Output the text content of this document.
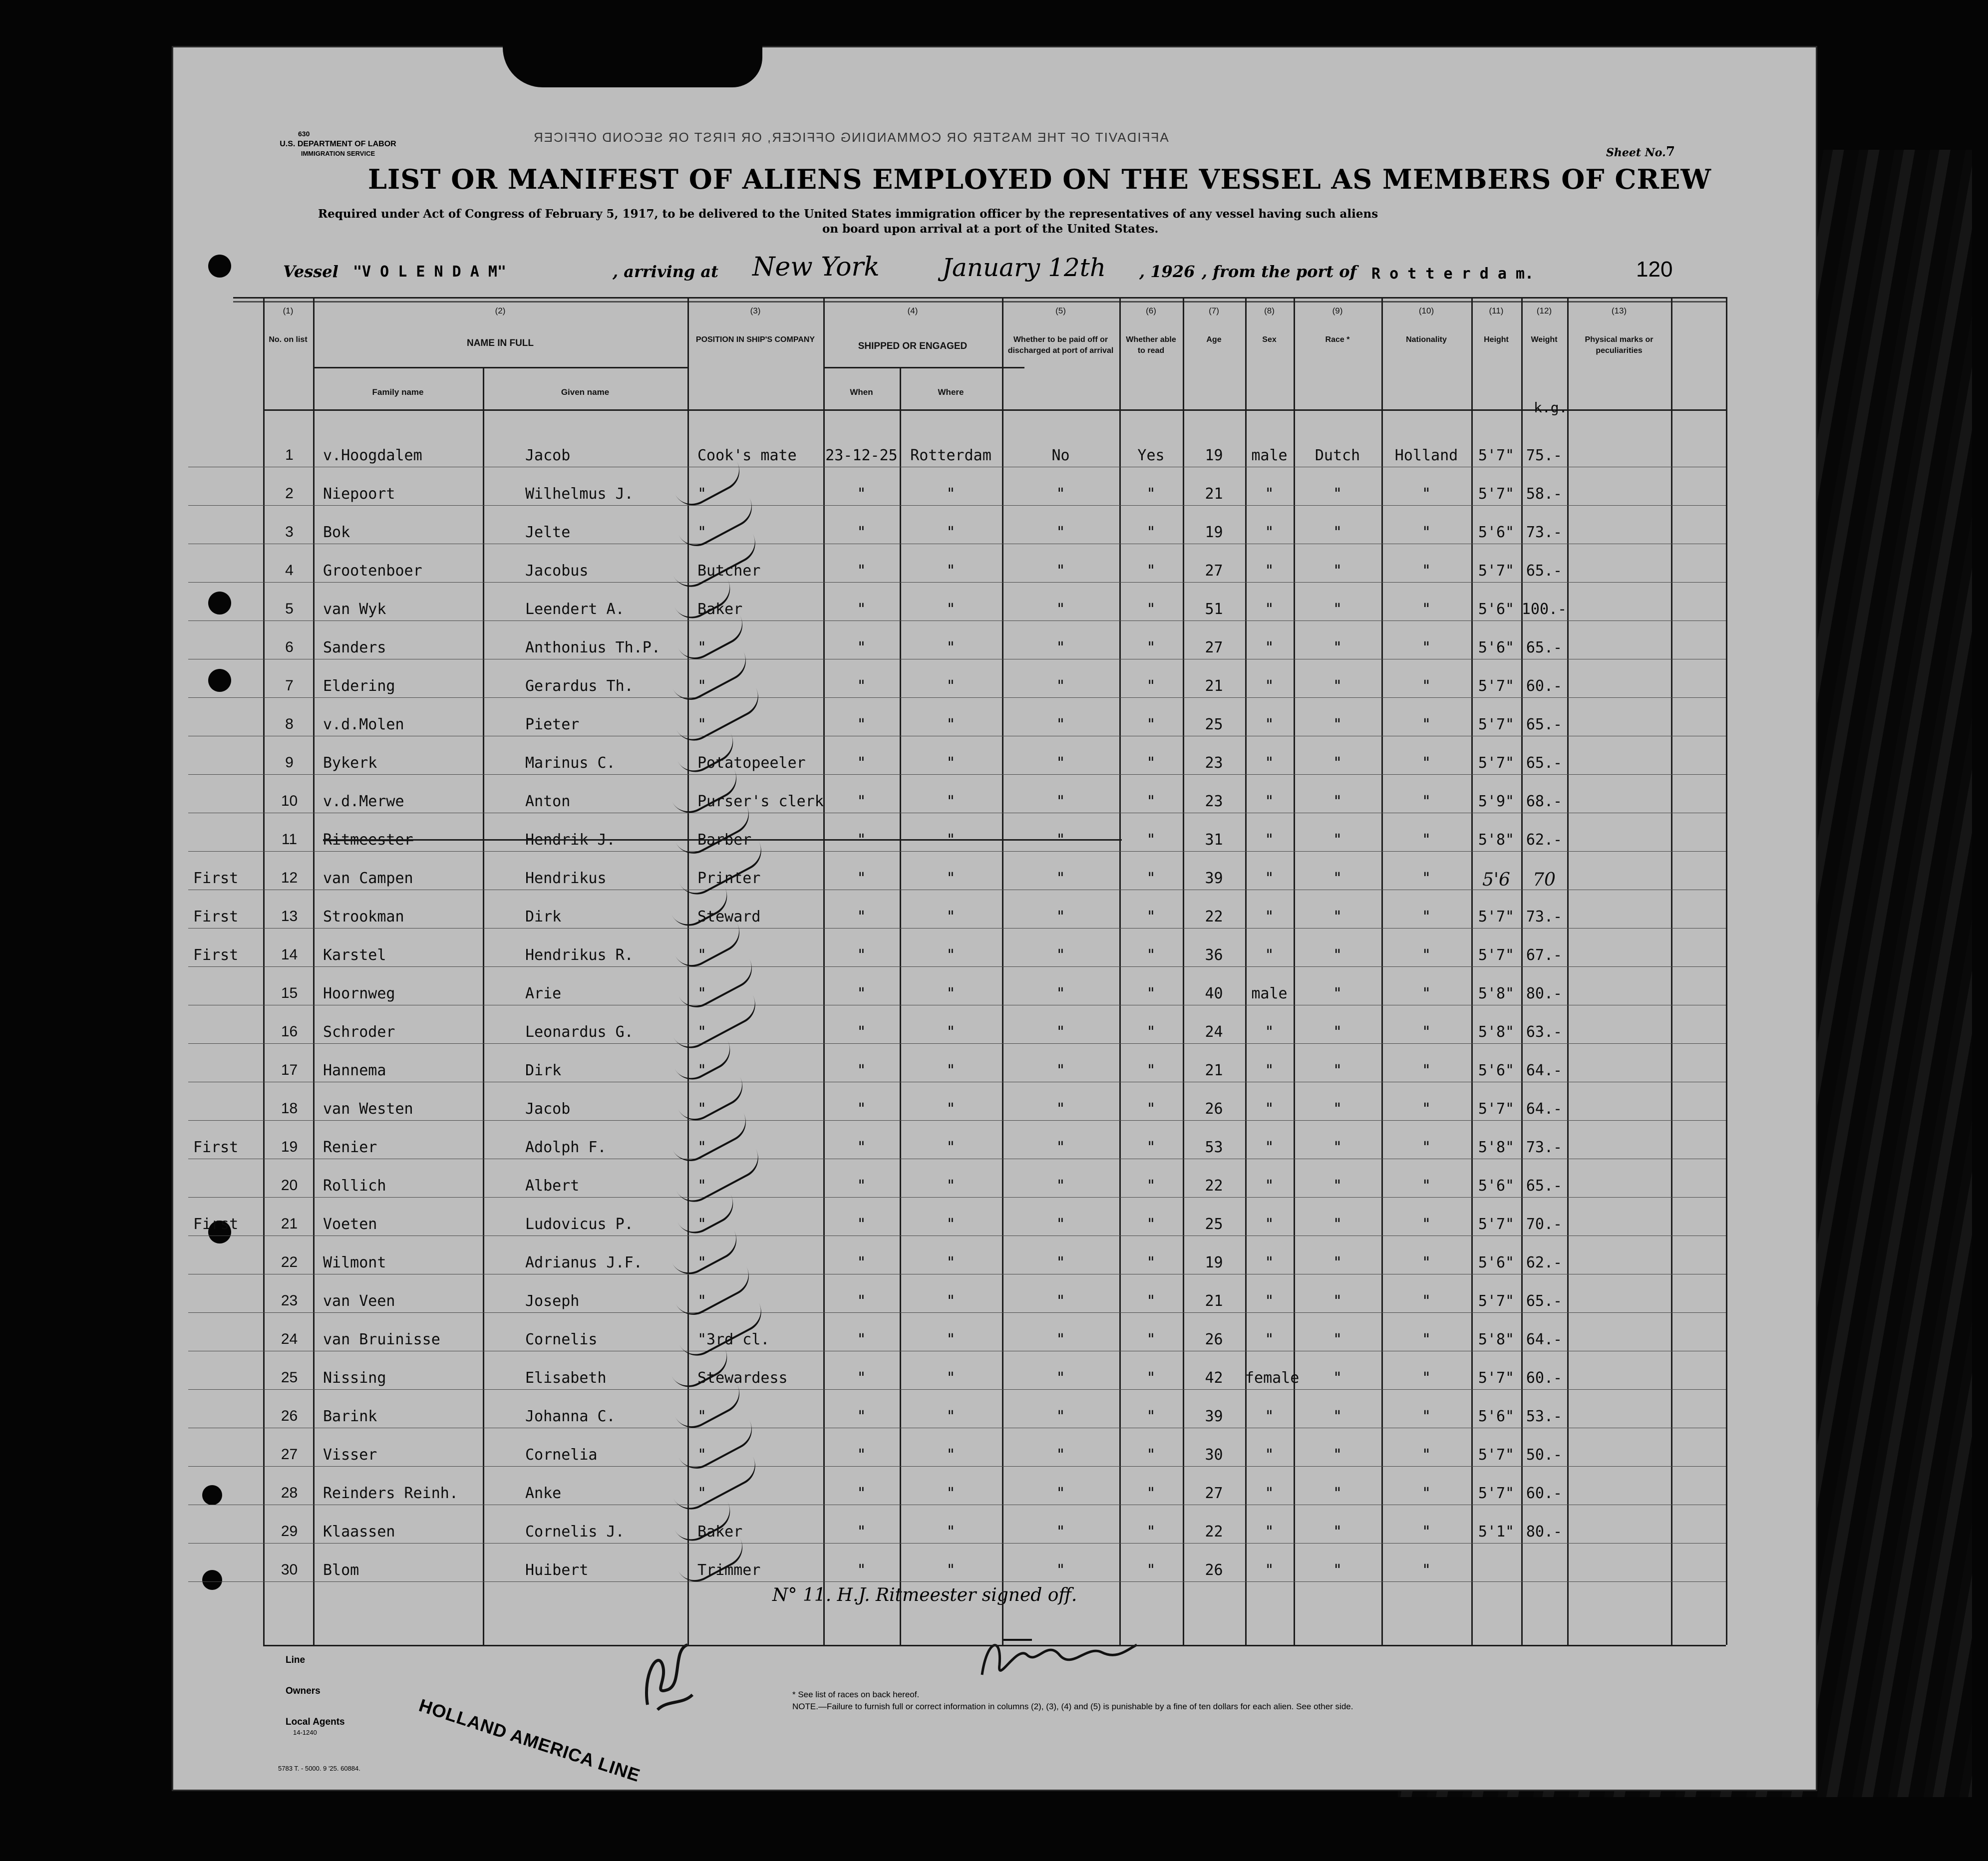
630
U.S. DEPARTMENT OF LABOR
IMMIGRATION SERVICE
AFFIDAVIT OF THE MASTER OR COMMANDING OFFICER, OR FIRST OR SECOND OFFICER
Sheet No. 7
LIST OR MANIFEST OF ALIENS EMPLOYED ON THE VESSEL AS MEMBERS OF CREW
Required under Act of Congress of February 5, 1917, to be delivered to the United States immigration officer by the representatives of any vessel having such aliens
on board upon arrival at a port of the United States.
Vessel "V O L E N D A M"	, arriving at New York	January 12th , 1926 , from the port of R o t t e r d a m.	120
Line
Owners
Local Agents
14-1240	HOLLAND AMERICA LINE
N° 11. H.J. Ritmeester signed off.
* See list of races on back hereof.
NOTE.—Failure to furnish full or correct information in columns (2), (3), (4) and (5) is punishable by a fine of ten dollars for each alien. See other side.
5783 T. - 5000. 9 '25. 60884.
(1)
No. on list
(2)
NAME IN FULL
(3)
POSITION IN SHIP'S COMPANY
(4)
SHIPPED OR ENGAGED
(5)
Whether to be paid off or discharged at port of arrival
(6)
Whether able to read
(7)
Age
(8)
Sex
(9)
Race *
(10)
Nationality
(11)
Height
(12)
Weight
(13)
Physical marks or peculiarities
Family name	Given name	When	Where
k.g.
1	v.Hoogdalem	Jacob	Cook's mate 23-12-25 Rotterdam	No	Yes	19	male	Dutch	Holland	5'7" 75.-
2	Niepoort	Wilhelmus J.	"	"	"	"	"	21	"	"	"	5'7" 58.-
3	Bok	Jelte	"	"	"	"	"	19	"	"	"	5'6" 73.-
4	Grootenboer	Jacobus	Butcher	"	"	"	"	27	"	"	"	5'7" 65.-
5	van Wyk	Leendert A.	Baker	"	"	"	"	51	"	"	"	5'6" 100.-
6	Sanders	Anthonius Th.P. "	"	"	"	"	27	"	"	"	5'6" 65.-
7	Eldering	Gerardus Th.	"	"	"	"	"	21	"	"	"	5'7" 60.-
8	v.d.Molen	Pieter	"	"	"	"	"	25	"	"	"	5'7" 65.-
9	Bykerk	Marinus C.	Potatopeeler	"	"	"	"	23	"	"	"	5'7" 65.-
10	v.d.Merwe	Anton	Purser's clerk	"	"	"	"	23	"	"	"	5'9" 68.-
11	Ritmeester	Hendrik J.	Barber	"	"	"	"	31	"	"	"	5'8" 62.-
First	12	van Campen	Hendrikus	Printer	"	"	"	"	39	"	"	"	5'6	70
First	13	Strookman	Dirk	Steward	"	"	"	"	22	"	"	"	5'7" 73.-
First	14	Karstel	Hendrikus R.	"	"	"	"	"	36	"	"	"	5'7" 67.-
15	Hoornweg	Arie	"	"	"	"	"	40	male	"	"	5'8" 80.-
16	Schroder	Leonardus G.	"	"	"	"	"	24	"	"	"	5'8" 63.-
17	Hannema	Dirk	"	"	"	"	"	21	"	"	"	5'6" 64.-
18	van Westen	Jacob	"	"	"	"	"	26	"	"	"	5'7" 64.-
First	19	Renier	Adolph F.	"	"	"	"	"	53	"	"	"	5'8" 73.-
20	Rollich	Albert	"	"	"	"	"	22	"	"	"	5'6" 65.-
First	21	Voeten	Ludovicus P.	"	"	"	"	"	25	"	"	"	5'7" 70.-
22	Wilmont	Adrianus J.F.	"	"	"	"	"	19	"	"	"	5'6" 62.-
23	van Veen	Joseph	"	"	"	"	"	21	"	"	"	5'7" 65.-
24	van Bruinisse	Cornelis	"3rd cl.	"	"	"	"	26	"	"	"	5'8" 64.-
25	Nissing	Elisabeth	Stewardess	"	"	"	"	42	female	"	"	5'7" 60.-
26	Barink	Johanna C.	"	"	"	"	"	39	"	"	"	5'6" 53.-
27	Visser	Cornelia	"	"	"	"	"	30	"	"	"	5'7" 50.-
28	Reinders Reinh.	Anke	"	"	"	"	"	27	"	"	"	5'7" 60.-
29	Klaassen	Cornelis J.	Baker	"	"	"	"	22	"	"	"	5'1" 80.-
30	Blom	Huibert	Trimmer	"	"	"	"	26	"	"	"
